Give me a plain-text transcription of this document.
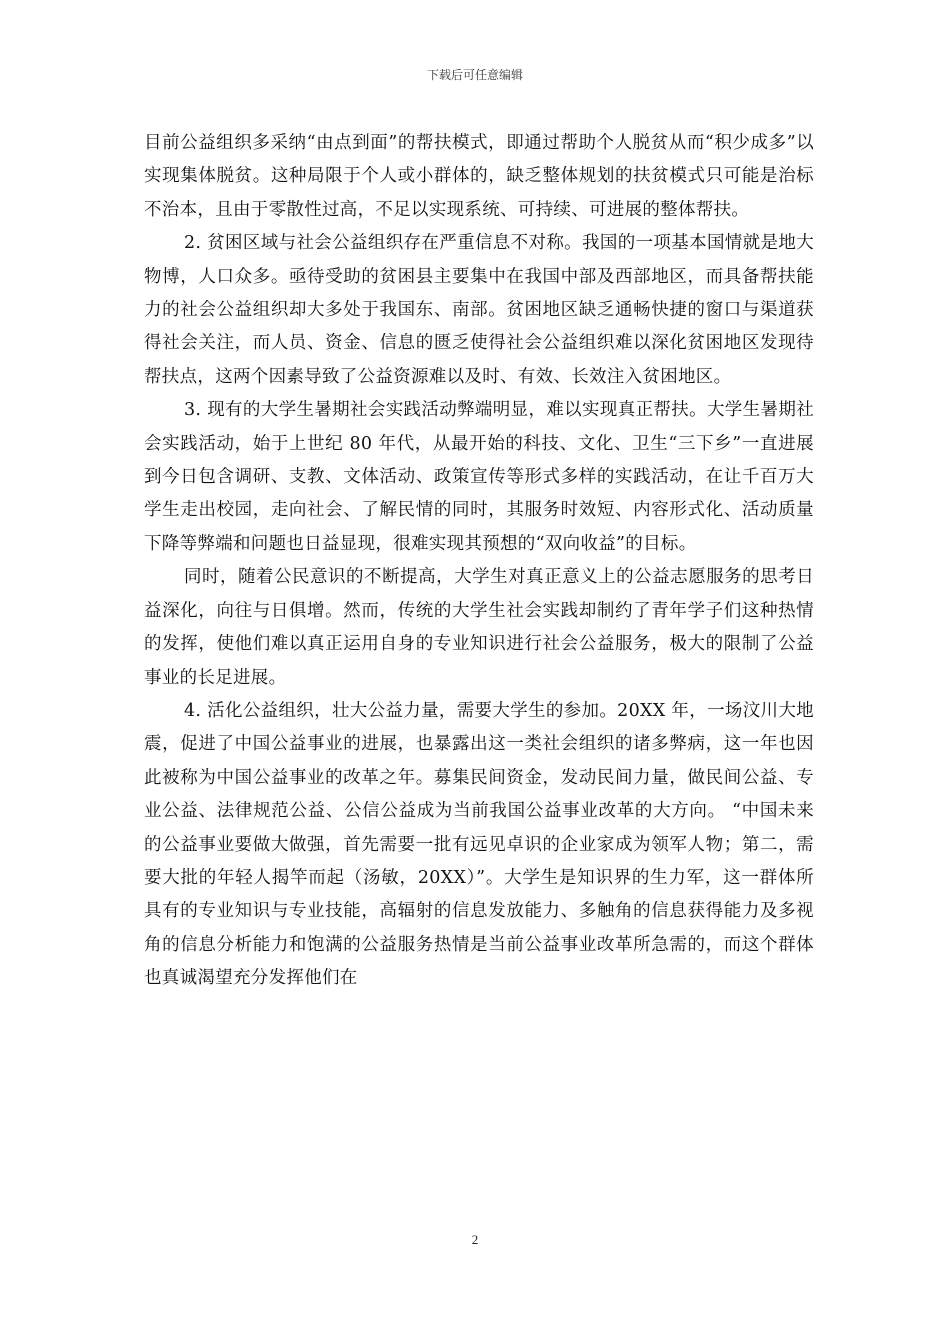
下载后可任意编辑

目前公益组织多采纳“由点到面”的帮扶模式，即通过帮助个人脱贫从而“积少成多”以实现集体脱贫。这种局限于个人或小群体的，缺乏整体规划的扶贫模式只可能是治标不治本，且由于零散性过高，不足以实现系统、可持续、可进展的整体帮扶。

2. 贫困区域与社会公益组织存在严重信息不对称。我国的一项基本国情就是地大物博，人口众多。亟待受助的贫困县主要集中在我国中部及西部地区，而具备帮扶能力的社会公益组织却大多处于我国东、南部。贫困地区缺乏通畅快捷的窗口与渠道获得社会关注，而人员、资金、信息的匮乏使得社会公益组织难以深化贫困地区发现待帮扶点，这两个因素导致了公益资源难以及时、有效、长效注入贫困地区。

3. 现有的大学生暑期社会实践活动弊端明显，难以实现真正帮扶。大学生暑期社会实践活动，始于上世纪 80 年代，从最开始的科技、文化、卫生“三下乡”一直进展到今日包含调研、支教、文体活动、政策宣传等形式多样的实践活动，在让千百万大学生走出校园，走向社会、了解民情的同时，其服务时效短、内容形式化、活动质量下降等弊端和问题也日益显现，很难实现其预想的“双向收益”的目标。

同时，随着公民意识的不断提高，大学生对真正意义上的公益志愿服务的思考日益深化，向往与日俱增。然而，传统的大学生社会实践却制约了青年学子们这种热情的发挥，使他们难以真正运用自身的专业知识进行社会公益服务，极大的限制了公益事业的长足进展。

4. 活化公益组织，壮大公益力量，需要大学生的参加。20XX 年，一场汶川大地震，促进了中国公益事业的进展，也暴露出这一类社会组织的诸多弊病，这一年也因此被称为中国公益事业的改革之年。募集民间资金，发动民间力量，做民间公益、专业公益、法律规范公益、公信公益成为当前我国公益事业改革的大方向。 “中国未来的公益事业要做大做强，首先需要一批有远见卓识的企业家成为领军人物；第二，需要大批的年轻人揭竿而起（汤敏，20XX）”。大学生是知识界的生力军，这一群体所具有的专业知识与专业技能，高辐射的信息发放能力、多触角的信息获得能力及多视角的信息分析能力和饱满的公益服务热情是当前公益事业改革所急需的，而这个群体也真诚渴望充分发挥他们在

2
